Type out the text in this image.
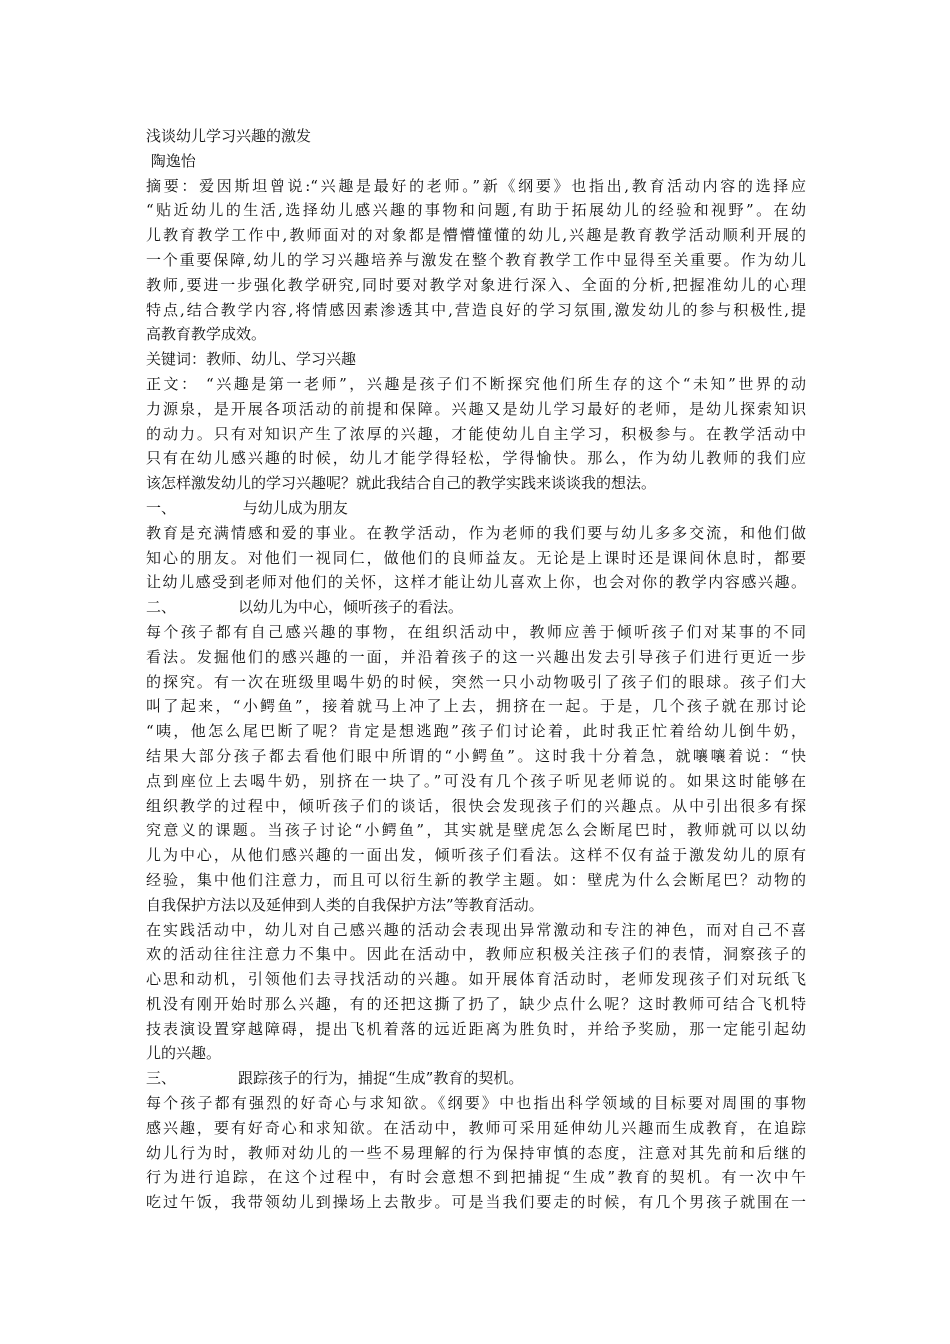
浅谈幼儿学习兴趣的激发
陶逸怡
摘要：爱因斯坦曾说:“兴趣是最好的老师。”新《纲要》也指出,教育活动内容的选择应
“贴近幼儿的生活,选择幼儿感兴趣的事物和问题,有助于拓展幼儿的经验和视野”。在幼
儿教育教学工作中,教师面对的对象都是懵懵懂懂的幼儿,兴趣是教育教学活动顺利开展的
一个重要保障,幼儿的学习兴趣培养与激发在整个教育教学工作中显得至关重要。作为幼儿
教师,要进一步强化教学研究,同时要对教学对象进行深入、全面的分析,把握准幼儿的心理
特点,结合教学内容,将情感因素渗透其中,营造良好的学习氛围,激发幼儿的参与积极性,提
高教育教学成效。
关键词：教师、幼儿、学习兴趣
正文： “兴趣是第一老师”，兴趣是孩子们不断探究他们所生存的这个“未知”世界的动
力源泉，是开展各项活动的前提和保障。兴趣又是幼儿学习最好的老师，是幼儿探索知识
的动力。只有对知识产生了浓厚的兴趣，才能使幼儿自主学习，积极参与。在教学活动中
只有在幼儿感兴趣的时候，幼儿才能学得轻松，学得愉快。那么，作为幼儿教师的我们应
该怎样激发幼儿的学习兴趣呢？就此我结合自己的教学实践来谈谈我的想法。
一、              与幼儿成为朋友
教育是充满情感和爱的事业。在教学活动，作为老师的我们要与幼儿多多交流，和他们做
知心的朋友。对他们一视同仁，做他们的良师益友。无论是上课时还是课间休息时，都要
让幼儿感受到老师对他们的关怀，这样才能让幼儿喜欢上你，也会对你的教学内容感兴趣。
二、             以幼儿为中心，倾听孩子的看法。
每个孩子都有自己感兴趣的事物，在组织活动中，教师应善于倾听孩子们对某事的不同
看法。发掘他们的感兴趣的一面，并沿着孩子的这一兴趣出发去引导孩子们进行更近一步
的探究。有一次在班级里喝牛奶的时候，突然一只小动物吸引了孩子们的眼球。孩子们大
叫了起来，“小鳄鱼”，接着就马上冲了上去，拥挤在一起。于是，几个孩子就在那讨论
“咦，他怎么尾巴断了呢？肯定是想逃跑”孩子们讨论着，此时我正忙着给幼儿倒牛奶，
结果大部分孩子都去看他们眼中所谓的“小鳄鱼”。这时我十分着急，就嚷嚷着说：“快
点到座位上去喝牛奶，别挤在一块了。”可没有几个孩子听见老师说的。如果这时能够在
组织教学的过程中，倾听孩子们的谈话，很快会发现孩子们的兴趣点。从中引出很多有探
究意义的课题。当孩子讨论“小鳄鱼”，其实就是壁虎怎么会断尾巴时，教师就可以以幼
儿为中心，从他们感兴趣的一面出发，倾听孩子们看法。这样不仅有益于激发幼儿的原有
经验，集中他们注意力，而且可以衍生新的教学主题。如：壁虎为什么会断尾巴？动物的
自我保护方法以及延伸到人类的自我保护方法”等教育活动。
在实践活动中，幼儿对自己感兴趣的活动会表现出异常激动和专注的神色，而对自己不喜
欢的活动往往注意力不集中。因此在活动中，教师应积极关注孩子们的表情，洞察孩子的
心思和动机，引领他们去寻找活动的兴趣。如开展体育活动时，老师发现孩子们对玩纸飞
机没有刚开始时那么兴趣，有的还把这撕了扔了，缺少点什么呢？这时教师可结合飞机特
技表演设置穿越障碍，提出飞机着落的远近距离为胜负时，并给予奖励，那一定能引起幼
儿的兴趣。
三、             跟踪孩子的行为，捕捉“生成”教育的契机。
每个孩子都有强烈的好奇心与求知欲。《纲要》中也指出科学领域的目标要对周围的事物
感兴趣，要有好奇心和求知欲。在活动中，教师可采用延伸幼儿兴趣而生成教育，在追踪
幼儿行为时，教师对幼儿的一些不易理解的行为保持审慎的态度，注意对其先前和后继的
行为进行追踪，在这个过程中，有时会意想不到把捕捉“生成”教育的契机。有一次中午
吃过午饭，我带领幼儿到操场上去散步。可是当我们要走的时候，有几个男孩子就围在一
